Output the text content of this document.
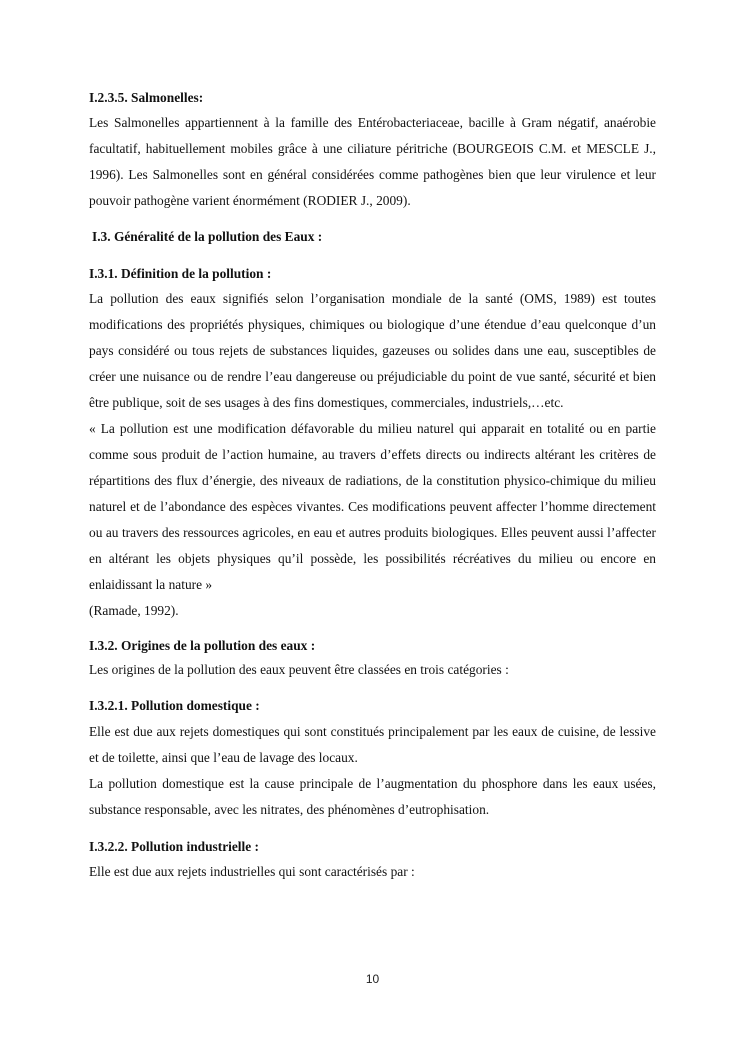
I.2.3.5. Salmonelles:

Les Salmonelles appartiennent à la famille des Entérobacteriaceae, bacille à Gram négatif, anaérobie facultatif, habituellement mobiles grâce à une ciliature péritriche (BOURGEOIS C.M. et MESCLE J., 1996). Les Salmonelles sont en général considérées comme pathogènes bien que leur virulence et leur pouvoir pathogène varient énormément (RODIER J., 2009).

I.3. Généralité de la pollution des Eaux :

I.3.1. Définition de la pollution :

La pollution des eaux signifiés selon l’organisation mondiale de la santé (OMS, 1989) est toutes modifications des propriétés physiques, chimiques ou biologique d’une étendue d’eau quelconque d’un pays considéré ou tous rejets de substances liquides, gazeuses ou solides dans une eau, susceptibles de créer une nuisance ou de rendre l’eau dangereuse ou préjudiciable du point de vue santé, sécurité et bien être publique, soit de ses usages à des fins domestiques, commerciales, industriels,…etc.

« La pollution est une modification défavorable du milieu naturel qui apparait en totalité ou en partie comme sous produit de l’action humaine, au travers d’effets directs ou indirects altérant les critères de répartitions des flux d’énergie, des niveaux de radiations, de la constitution physico-chimique du milieu naturel et de l’abondance des espèces vivantes. Ces modifications peuvent affecter l’homme directement ou au travers des ressources agricoles, en eau et autres produits biologiques. Elles peuvent aussi l’affecter en altérant les objets physiques qu’il possède, les possibilités récréatives du milieu ou encore en enlaidissant la nature »

(Ramade, 1992).

I.3.2. Origines de la pollution des eaux :

Les origines de la pollution des eaux peuvent être classées en trois catégories :

I.3.2.1. Pollution domestique :

Elle est due aux rejets domestiques qui sont constitués principalement par les eaux de cuisine, de lessive et de toilette, ainsi que l’eau de lavage des locaux.

La pollution domestique est la cause principale de l’augmentation du phosphore dans les eaux usées, substance responsable, avec les nitrates, des phénomènes d’eutrophisation.

I.3.2.2. Pollution industrielle :

Elle est due aux rejets industrielles qui sont caractérisés par :

10
